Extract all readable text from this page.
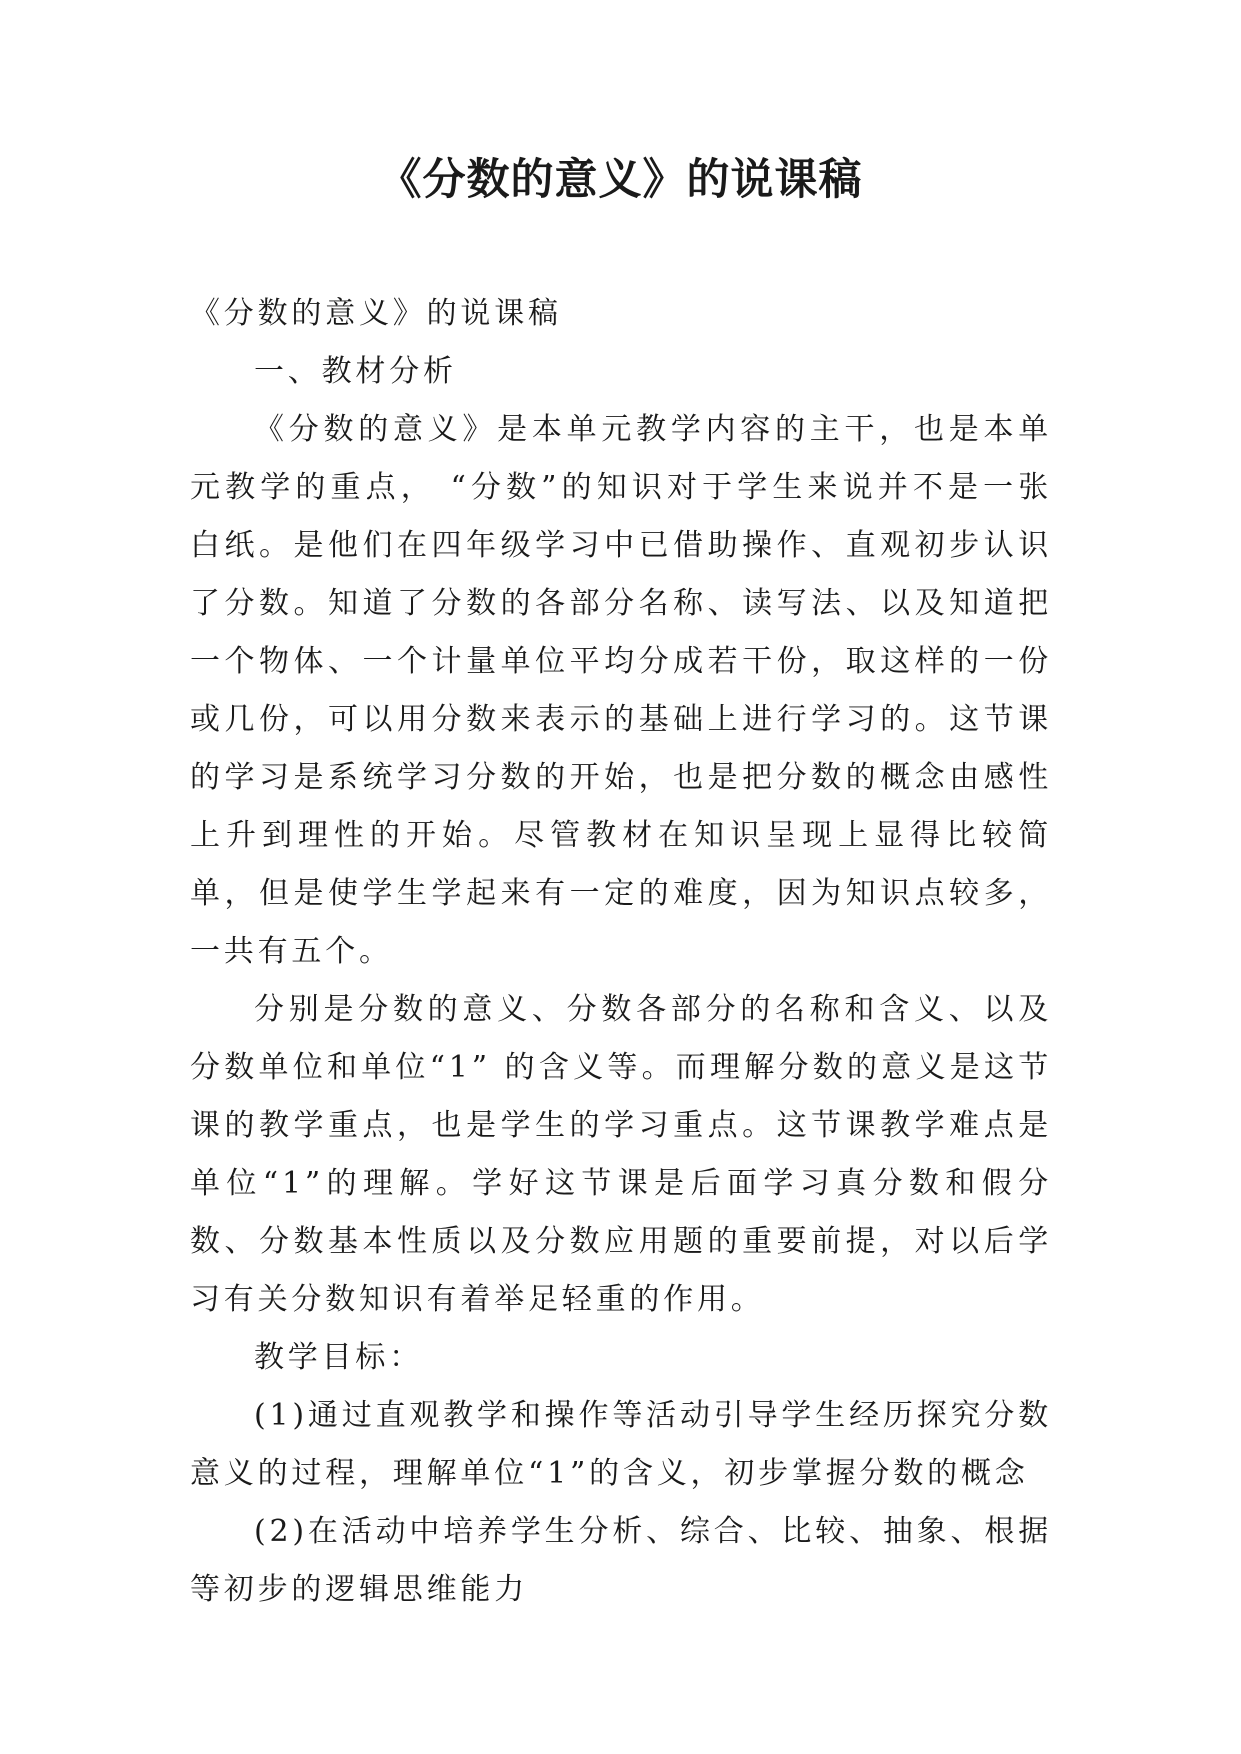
《分数的意义》的说课稿

《分数的意义》的说课稿

一、教材分析

《分数的意义》是本单元教学内容的主干，也是本单元教学的重点， “分数”的知识对于学生来说并不是一张白纸。是他们在四年级学习中已借助操作、直观初步认识了分数。知道了分数的各部分名称、读写法、以及知道把一个物体、一个计量单位平均分成若干份，取这样的一份或几份，可以用分数来表示的基础上进行学习的。这节课的学习是系统学习分数的开始，也是把分数的概念由感性上升到理性的开始。尽管教材在知识呈现上显得比较简单，但是使学生学起来有一定的难度，因为知识点较多，一共有五个。

分别是分数的意义、分数各部分的名称和含义、以及分数单位和单位“1” 的含义等。而理解分数的意义是这节课的教学重点，也是学生的学习重点。这节课教学难点是单位“1”的理解。学好这节课是后面学习真分数和假分数、分数基本性质以及分数应用题的重要前提，对以后学习有关分数知识有着举足轻重的作用。

教学目标：

(1)通过直观教学和操作等活动引导学生经历探究分数意义的过程，理解单位“1”的含义，初步掌握分数的概念

(2)在活动中培养学生分析、综合、比较、抽象、根据等初步的逻辑思维能力
